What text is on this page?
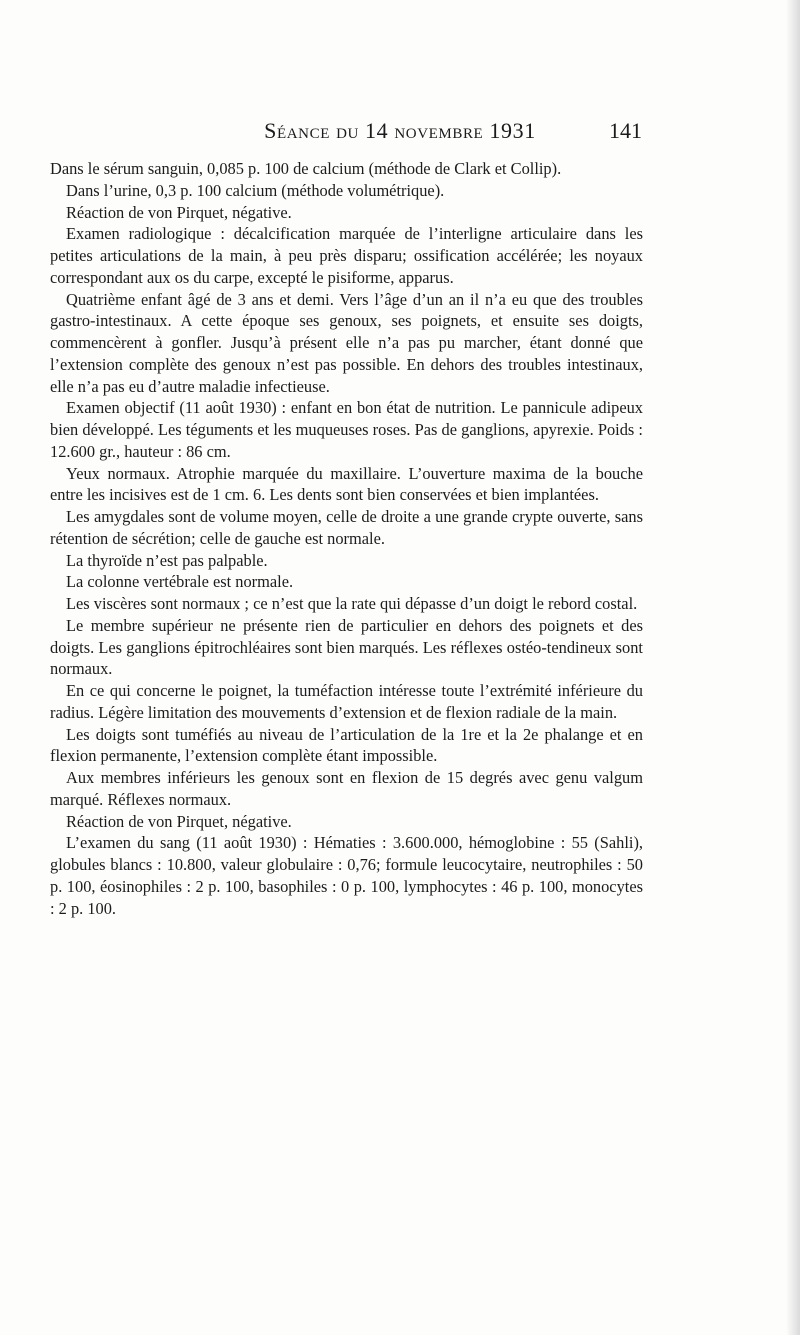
Séance du 14 novembre 1931	141

Dans le sérum sanguin, 0,085 p. 100 de calcium (méthode de Clark et Collip).

Dans l’urine, 0,3 p. 100 calcium (méthode volumétrique).

Réaction de von Pirquet, négative.

Examen radiologique : décalcification marquée de l’interligne articulaire dans les petites articulations de la main, à peu près disparu; ossification accélérée; les noyaux correspondant aux os du carpe, excepté le pisiforme, apparus.

Quatrième enfant âgé de 3 ans et demi. Vers l’âge d’un an il n’a eu que des troubles gastro-intestinaux. A cette époque ses genoux, ses poignets, et ensuite ses doigts, commencèrent à gonfler. Jusqu’à présent elle n’a pas pu marcher, étant donné que l’extension complète des genoux n’est pas possible. En dehors des troubles intestinaux, elle n’a pas eu d’autre maladie infectieuse.

Examen objectif (11 août 1930) : enfant en bon état de nutrition. Le pannicule adipeux bien développé. Les téguments et les muqueuses roses. Pas de ganglions, apyrexie. Poids : 12.600 gr., hauteur : 86 cm.

Yeux normaux. Atrophie marquée du maxillaire. L’ouverture maxima de la bouche entre les incisives est de 1 cm. 6. Les dents sont bien conservées et bien implantées.

Les amygdales sont de volume moyen, celle de droite a une grande crypte ouverte, sans rétention de sécrétion; celle de gauche est normale.

La thyroïde n’est pas palpable.

La colonne vertébrale est normale.

Les viscères sont normaux ; ce n’est que la rate qui dépasse d’un doigt le rebord costal.

Le membre supérieur ne présente rien de particulier en dehors des poignets et des doigts. Les ganglions épitrochléaires sont bien marqués. Les réflexes ostéo-tendineux sont normaux.

En ce qui concerne le poignet, la tuméfaction intéresse toute l’extrémité inférieure du radius. Légère limitation des mouvements d’extension et de flexion radiale de la main.

Les doigts sont tuméfiés au niveau de l’articulation de la 1re et la 2e phalange et en flexion permanente, l’extension complète étant impossible.

Aux membres inférieurs les genoux sont en flexion de 15 degrés avec genu valgum marqué. Réflexes normaux.

Réaction de von Pirquet, négative.

L’examen du sang (11 août 1930) : Hématies : 3.600.000, hémoglobine : 55 (Sahli), globules blancs : 10.800, valeur globulaire : 0,76; formule leucocytaire, neutrophiles : 50 p. 100, éosinophiles : 2 p. 100, basophiles : 0 p. 100, lymphocytes : 46 p. 100, monocytes : 2 p. 100.
